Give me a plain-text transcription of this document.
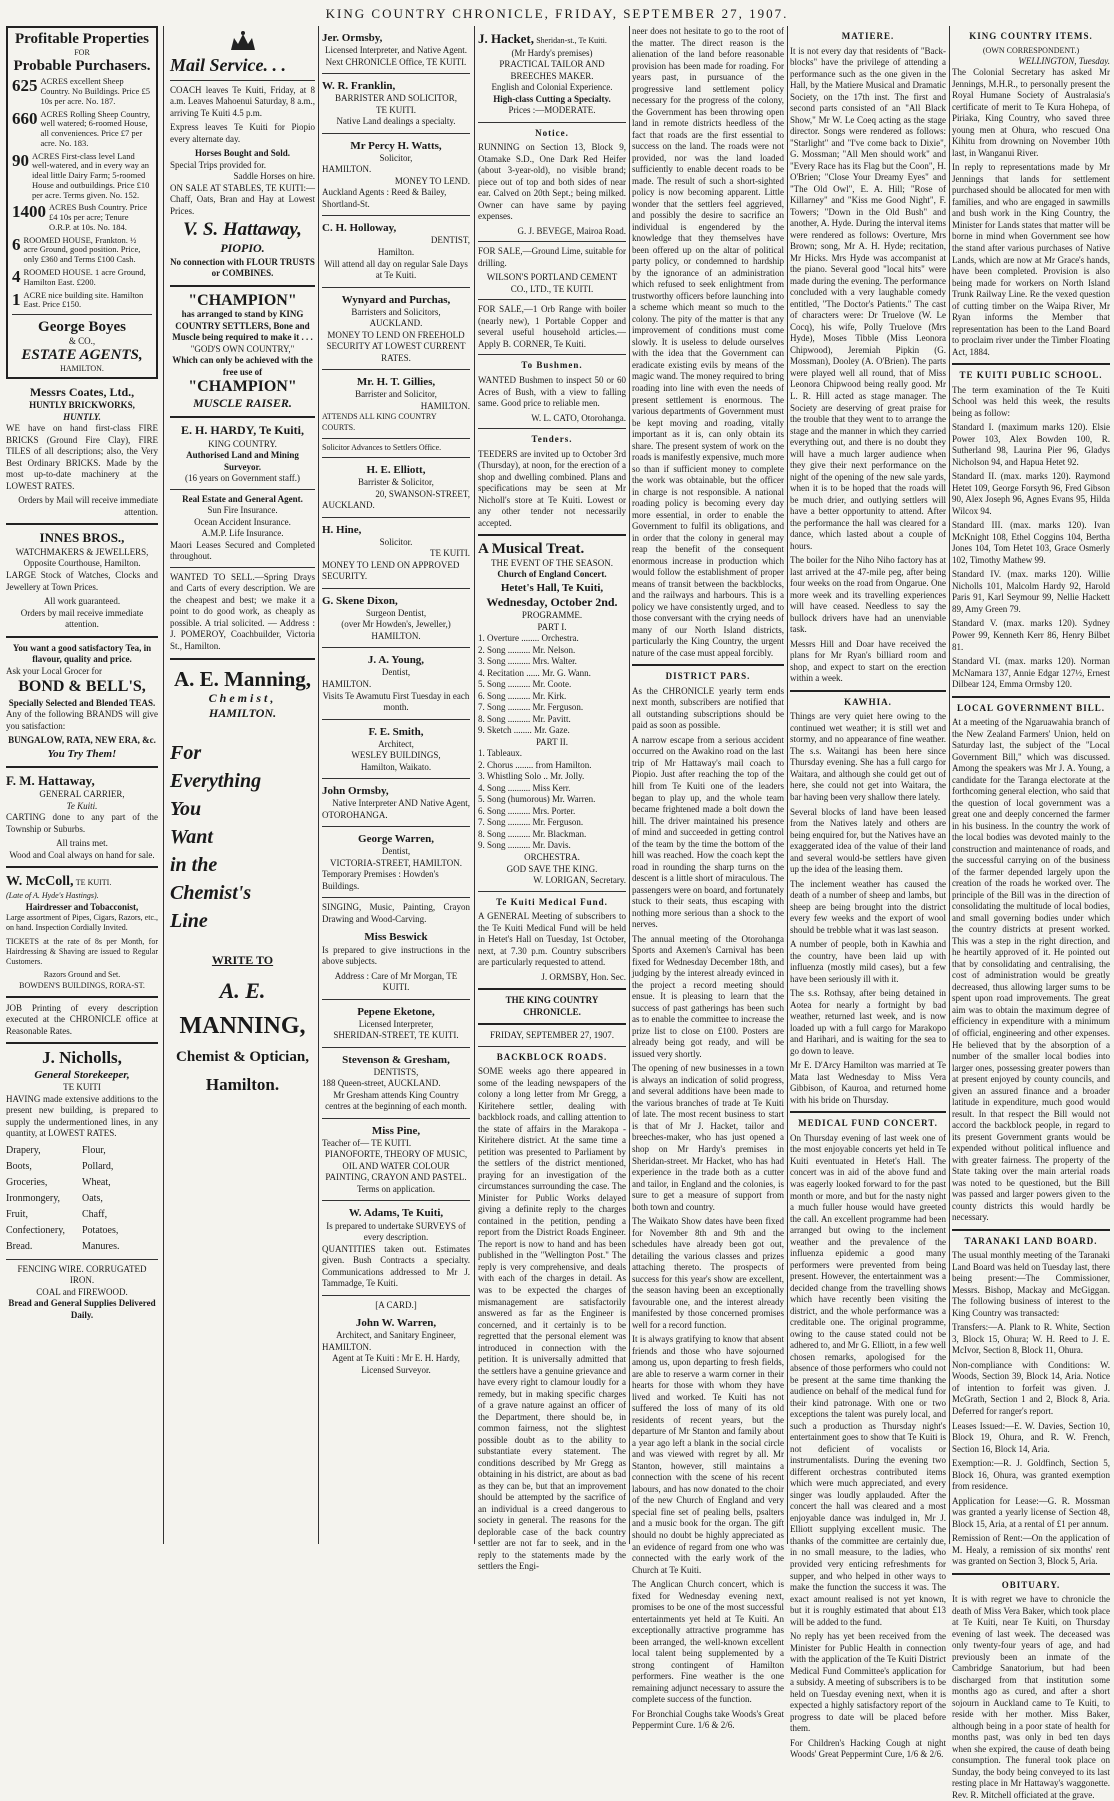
KING COUNTRY CHRONICLE, FRIDAY, SEPTEMBER 27, 1907.
Profitable Properties
FOR
Probable Purchasers.
625 ACRES excellent Sheep Country. No Buildings. Price £5 10s per acre. No. 187.
660 ACRES Rolling Sheep Country, well watered; 6-roomed House, all conveniences. Price £7 per acre. No. 183.
90 ACRES First-class level Land well-watered, and in every way an ideal little Dairy Farm; 5-roomed House and outbuildings. Price £10 per acre. Terms given. No. 152.
1400 ACRES Bush Country. Price £4 10s per acre; Tenure O.R.P. at 10s. No. 184.
6 ROOMED HOUSE, Frankton. ½ acre Ground, good position. Price, only £360 and Terms £100 Cash.
4 ROOMED HOUSE. 1 acre Ground, Hamilton East. £200.
1 ACRE nice building site. Hamilton East. Price £150.
George Boyes
& CO.,
ESTATE AGENTS,
HAMILTON.
Messrs Coates, Ltd.,
HUNTLY BRICKWORKS,
HUNTLY.

WE have on hand first-class FIRE BRICKS (Ground Fire Clay), FIRE TILES of all descriptions; also, the Very Best Ordinary BRICKS. Made by the most up-to-date machinery at the LOWEST RATES.

Orders by Mail will receive immediate attention.
INNES BROS.,
WATCHMAKERS & JEWELLERS,
Opposite Courthouse, Hamilton.

LARGE Stock of Watches, Clocks and Jewellery at Town Prices.

All work guaranteed.
Orders by mail receive immediate attention.
You want a good satisfactory Tea, in flavour, quality and price.
Ask your Local Grocer for
BOND & BELL'S,
Specially Selected and Blended TEAS.

Any of the following BRANDS will give you satisfaction:

BUNGALOW, RATA, NEW ERA, &c.
You Try Them!
F. M. Hattaway,
GENERAL CARRIER,
Te Kuiti.

CARTING done to any part of the Township or Suburbs.

All trains met.
Wood and Coal always on hand for sale.
W. McColl, TE KUITI.
(Late of A. Hyde's Hastings).
Hairdresser and Tobacconist,

Large assortment of Pipes, Cigars, Razors, etc., on hand. Inspection Cordially Invited.

TICKETS at the rate of 8s per Month, for Hairdressing & Shaving are issued to Regular Customers.

Razors Ground and Set.
BOWDEN'S BUILDINGS, RORA-ST.

JOB Printing of every description executed at the CHRONICLE office at Reasonable Rates.

J. Nicholls,
General Storekeeper,
TE KUITI

HAVING made extensive additions to the present new building, is prepared to supply the undermentioned lines, in any quantity, at LOWEST RATES.

Drapery,	Flour,
Boots,	Pollard,
Groceries,	Wheat,
Ironmongery,	Oats,
Fruit,	Chaff,
Confectionery,	Potatoes,
Bread.	Manures.
FENCING WIRE. CORRUGATED IRON.
COAL and FIREWOOD.
Bread and General Supplies Delivered Daily.
Mail Service. . .

COACH leaves Te Kuiti, Friday, at 8 a.m. Leaves Mahoenui Saturday, 8 a.m., arriving Te Kuiti 4.5 p.m.

Express leaves Te Kuiti for Piopio every alternate day.

Horses Bought and Sold.
Special Trips provided for.
Saddle Horses on hire.

ON SALE AT STABLES, TE KUITI:—Chaff, Oats, Bran and Hay at Lowest Prices.

V. S. Hattaway,
PIOPIO.
No connection with FLOUR TRUSTS or COMBINES.
"CHAMPION"
has arranged to stand by KING COUNTRY SETTLERS, Bone and Muscle being required to make it . . .
"GOD'S OWN COUNTRY,"
Which can only be achieved with the free use of
"CHAMPION"
MUSCLE RAISER.
E. H. HARDY, Te Kuiti,
KING COUNTRY.
Authorised Land and Mining Surveyor.
(16 years on Government staff.)
Real Estate and General Agent.
Sun Fire Insurance.
Ocean Accident Insurance.
A.M.P. Life Insurance.

Maori Leases Secured and Completed throughout.

WANTED TO SELL.—Spring Drays and Carts of every description. We are the cheapest and best; we make it a point to do good work, as cheaply as possible. A trial solicited. — Address : J. POMEROY, Coachbuilder, Victoria St., Hamilton.

A. E. Manning,
Chemist,
HAMILTON.
For
Everything
You
Want
in the
Chemist's
Line
WRITE TO
A. E.
MANNING,
Chemist & Optician,
Hamilton.
Jer. Ormsby,
Licensed Interpreter, and Native Agent.
Next CHRONICLE Office, TE KUITI.
W. R. Franklin,
BARRISTER AND SOLICITOR,
TE KUITI.
Native Land dealings a specialty.
Mr Percy H. Watts,
Solicitor,
HAMILTON.
MONEY TO LEND.
Auckland Agents : Reed & Bailey, Shortland-St.
C. H. Holloway,
DENTIST,
Hamilton.
Will attend all day on regular Sale Days at Te Kuiti.
Wynyard and Purchas,
Barristers and Solicitors,
AUCKLAND.
MONEY TO LEND ON FREEHOLD SECURITY AT LOWEST CURRENT RATES.
Mr. H. T. Gillies,
Barrister and Solicitor,
HAMILTON.
ATTENDS ALL KING COUNTRY COURTS.
Solicitor Advances to Settlers Office.
H. E. Elliott,
Barrister & Solicitor,
20, SWANSON-STREET,
AUCKLAND.
H. Hine,
Solicitor.
TE KUITI.
MONEY TO LEND ON APPROVED SECURITY.
G. Skene Dixon,
Surgeon Dentist,
(over Mr Howden's, Jeweller,)
HAMILTON.
J. A. Young,
Dentist,
HAMILTON.
Visits Te Awamutu First Tuesday in each month.
F. E. Smith,
Architect,
WESLEY BUILDINGS,
Hamilton, Waikato.
John Ormsby,
Native Interpreter AND Native Agent,
OTOROHANGA.
George Warren,
Dentist,
VICTORIA-STREET, HAMILTON.
Temporary Premises : Howden's Buildings.

SINGING, Music, Painting, Crayon Drawing and Wood-Carving.

Miss Beswick

Is prepared to give instructions in the above subjects.

Address : Care of Mr Morgan, TE KUITI.
Pepene Eketone,
Licensed Interpreter,
SHERIDAN-STREET, TE KUITI.
Stevenson & Gresham,
DENTISTS,
188 Queen-street, AUCKLAND.
Mr Gresham attends King Country centres at the beginning of each month.
Miss Pine,
Teacher of— TE KUITI.
PIANOFORTE, THEORY OF MUSIC, OIL AND WATER COLOUR PAINTING, CRAYON AND PASTEL.
Terms on application.
W. Adams, Te Kuiti,
Is prepared to undertake SURVEYS of every description.

QUANTITIES taken out. Estimates given. Bush Contracts a specialty. Communications addressed to Mr J. Tammadge, Te Kuiti.

[A CARD.]
John W. Warren,
Architect, and Sanitary Engineer,
HAMILTON.
Agent at Te Kuiti : Mr E. H. Hardy, Licensed Surveyor.
J. Hacket, Sheridan-st., Te Kuiti.
(Mr Hardy's premises)
PRACTICAL TAILOR AND BREECHES MAKER.
English and Colonial Experience.
High-class Cutting a Specialty.
Prices :—MODERATE.
Notice.

RUNNING on Section 13, Block 9, Otamake S.D., One Dark Red Heifer (about 3-year-old), no visible brand; piece out of top and both sides of near ear. Calved on 20th Sept.; being milked. Owner can have same by paying expenses.

G. J. BEVEGE, Mairoa Road.

FOR SALE,—Ground Lime, suitable for drilling.

WILSON'S PORTLAND CEMENT CO., LTD., TE KUITI.

FOR SALE,—1 Orb Range with boiler (nearly new), 1 Portable Copper and several useful household articles.—Apply B. CORNER, Te Kuiti.

To Bushmen.

WANTED Bushmen to inspect 50 or 60 Acres of Bush, with a view to falling same. Good price to reliable men.

W. L. CATO, Otorohanga.
Tenders.

TEEDERS are invited up to October 3rd (Thursday), at noon, for the erection of a shop and dwelling combined. Plans and specifications may be seen at Mr Nicholl's store at Te Kuiti. Lowest or any other tender not necessarily accepted.

A Musical Treat.
THE EVENT OF THE SEASON.
Church of England Concert.
Hetet's Hall, Te Kuiti,
Wednesday, October 2nd.
PROGRAMME.
PART I.
1. Overture ........ Orchestra.
2. Song .......... Mr. Nelson.
3. Song .......... Mrs. Walter.
4. Recitation ...... Mr. G. Wann.
5. Song .......... Mr. Coote.
6. Song .......... Mr. Kirk.
7. Song .......... Mr. Ferguson.
8. Song .......... Mr. Pavitt.
9. Sketch ........ Mr. Gaze.
PART II.
1. Tableaux.
2. Chorus ........ from Hamilton.
3. Whistling Solo .. Mr. Jolly.
4. Song .......... Miss Kerr.
5. Song (humorous) Mr. Warren.
6. Song .......... Mrs. Porter.
7. Song .......... Mr. Ferguson.
8. Song .......... Mr. Blackman.
9. Song .......... Mr. Davis.
ORCHESTRA.
GOD SAVE THE KING.
W. LORIGAN, Secretary.
Te Kuiti Medical Fund.

A GENERAL Meeting of subscribers to the Te Kuiti Medical Fund will be held in Hetet's Hall on Tuesday, 1st October, next, at 7.30 p.m. Country subscribers are particularly requested to attend.

J. ORMSBY, Hon. Sec.
THE KING COUNTRY CHRONICLE.
FRIDAY, SEPTEMBER 27, 1907.
BACKBLOCK ROADS.

SOME weeks ago there appeared in some of the leading newspapers of the colony a long letter from Mr Gregg, a Kiritehere settler, dealing with backblock roads, and calling attention to the state of affairs in the Marakopa - Kiritehere district. At the same time a petition was presented to Parliament by the settlers of the district mentioned, praying for an investigation of the circumstances surrounding the case. The Minister for Public Works delayed giving a definite reply to the charges contained in the petition, pending a report from the District Roads Engineer. The report is now to hand and has been published in the "Wellington Post." The reply is very comprehensive, and deals with each of the charges in detail. As was to be expected the charges of mismanagement are satisfactorily answered as far as the Engineer is concerned, and it certainly is to be regretted that the personal element was introduced in connection with the petition. It is universally admitted that the settlers have a genuine grievance and have every right to clamour loudly for a remedy, but in making specific charges of a grave nature against an officer of the Department, there should be, in common fairness, not the slightest possible doubt as to the ability to substantiate every statement. The conditions described by Mr Gregg as obtaining in his district, are about as bad as they can be, but that an improvement should be attempted by the sacrifice of an individual is a creed dangerous to society in general. The reasons for the deplorable case of the back country settler are not far to seek, and in the reply to the statements made by the settlers the Engi-

neer does not hesitate to go to the root of the matter. The direct reason is the alienation of the land before reasonable provision has been made for roading. For years past, in pursuance of the progressive land settlement policy necessary for the progress of the colony, the Government has been throwing open land in remote districts heedless of the fact that roads are the first essential to success on the land. The roads were not provided, nor was the land loaded sufficiently to enable decent roads to be made. The result of such a short-sighted policy is now becoming apparent. Little wonder that the settlers feel aggrieved, and possibly the desire to sacrifice an individual is engendered by the knowledge that they themselves have been offered up on the altar of political party policy, or condemned to hardship by the ignorance of an administration which refused to seek enlightment from trustworthy officers before launching into a scheme which meant so much to the colony. The pity of the matter is that any improvement of conditions must come slowly. It is useless to delude ourselves with the idea that the Government can eradicate existing evils by means of the magic wand. The money required to bring roading into line with even the needs of present settlement is enormous. The various departments of Government must be kept moving and roading, vitally important as it is, can only obtain its share. The present system of work on the roads is manifestly expensive, much more so than if sufficient money to complete the work was obtainable, but the officer in charge is not responsible. A national roading policy is becoming every day more essential, in order to enable the Government to fulfil its obligations, and in order that the colony in general may reap the benefit of the consequent enormous increase in production which would follow the establishment of proper means of transit between the backblocks, and the railways and harbours. This is a policy we have consistently urged, and to those conversant with the crying needs of many of our North Island districts, particularly the King Country, the urgent nature of the case must appeal forcibly.

DISTRICT PARS.

As the CHRONICLE yearly term ends next month, subscribers are notified that all outstanding subscriptions should be paid as soon as possible.

A narrow escape from a serious accident occurred on the Awakino road on the last trip of Mr Hattaway's mail coach to Piopio. Just after reaching the top of the hill from Te Kuiti one of the leaders began to play up, and the whole team became frightened made a bolt down the hill. The driver maintained his presence of mind and succeeded in getting control of the team by the time the bottom of the hill was reached. How the coach kept the road in rounding the sharp turns on the descent is a little short of miraculous. The passengers were on board, and fortunately stuck to their seats, thus escaping with nothing more serious than a shock to the nerves.

The annual meeting of the Otorohanga Sports and Axemen's Carnival has been fixed for Wednesday December 18th, and judging by the interest already evinced in the project a record meeting should ensue. It is pleasing to learn that the success of past gatherings has been such as to enable the committee to increase the prize list to close on £100. Posters are already being got ready, and will be issued very shortly.

The opening of new businesses in a town is always an indication of solid progress, and several additions have been made to the various branches of trade at Te Kuiti of late. The most recent business to start is that of Mr J. Hacket, tailor and breeches-maker, who has just opened a shop on Mr Hardy's premises in Sheridan-street. Mr Hacket, who has had experience in the trade both as a cutter and tailor, in England and the colonies, is sure to get a measure of support from both town and country.

The Waikato Show dates have been fixed for November 8th and 9th and the schedules have already been got out, detailing the various classes and prizes attaching thereto. The prospects of success for this year's show are excellent, the season having been an exceptionally favourable one, and the interest already manifested by those concerned promises well for a record function.

It is always gratifying to know that absent friends and those who have sojourned among us, upon departing to fresh fields, are able to reserve a warm corner in their hearts for those with whom they have lived and worked. Te Kuiti has not suffered the loss of many of its old residents of recent years, but the departure of Mr Stanton and family about a year ago left a blank in the social circle and was viewed with regret by all. Mr Stanton, however, still maintains a connection with the scene of his recent labours, and has now donated to the choir of the new Church of England and very special fine set of pealing bells, psalters and a music book for the organ. The gift should no doubt be highly appreciated as an evidence of regard from one who was connected with the early work of the Church at Te Kuiti.

The Anglican Church concert, which is fixed for Wednesday evening next, promises to be one of the most successful entertainments yet held at Te Kuiti. An exceptionally attractive programme has been arranged, the well-known excellent local talent being supplemented by a strong contingent of Hamilton performers. Fine weather is the one remaining adjunct necessary to assure the complete success of the function.

For Bronchial Coughs take Woods's Great Peppermint Cure. 1/6 & 2/6.

MATIERE.

It is not every day that residents of "Back-blocks" have the privilege of attending a performance such as the one given in the Hall, by the Matiere Musical and Dramatic Society, on the 17th inst. The first and second parts consisted of an "All Black Show," Mr W. Le Coeq acting as the stage director. Songs were rendered as follows: "Starlight" and "I've come back to Dixie", G. Mossman; "All Men should work" and "Every Race has its Flag but the Coon", H. O'Brien; "Close Your Dreamy Eyes" and "The Old Owl", E. A. Hill; "Rose of Killarney" and "Kiss me Good Night", F. Towers; "Down in the Old Bush" and another, A. Hyde. During the interval items were rendered as follows: Overture, Mrs Brown; song, Mr A. H. Hyde; recitation, Mr Hicks. Mrs Hyde was accompanist at the piano. Several good "local hits" were made during the evening. The performance concluded with a very laughable comedy entitled, "The Doctor's Patients." The cast of characters were: Dr Truelove (W. Le Cocq), his wife, Polly Truelove (Mrs Hyde), Moses Tibble (Miss Leonora Chipwood), Jeremiah Pipkin (G. Mossman), Dooley (A. O'Brien). The parts were played well all round, that of Miss Leonora Chipwood being really good. Mr L. R. Hill acted as stage manager. The Society are deserving of great praise for the trouble that they went to to arrange the stage and the manner in which they carried everything out, and there is no doubt they will have a much larger audience when they give their next performance on the night of the opening of the new sale yards, when it is to be hoped that the roads will be much drier, and outlying settlers will have a better opportunity to attend. After the performance the hall was cleared for a dance, which lasted about a couple of hours.

The boiler for the Niho Niho factory has at last arrived at the 47-mile peg, after being four weeks on the road from Ongarue. One more week and its travelling experiences will have ceased. Needless to say the bullock drivers have had an unenviable task.

Messrs Hill and Doar have received the plans for Mr Ryan's billiard room and shop, and expect to start on the erection within a week.

KAWHIA.

Things are very quiet here owing to the continued wet weather; it is still wet and stormy, and no appearance of fine weather. The s.s. Waitangi has been here since Thursday evening. She has a full cargo for Waitara, and although she could get out of here, she could not get into Waitara, the bar having been very shallow there lately.

Several blocks of land have been leased from the Natives lately and others are being enquired for, but the Natives have an exaggerated idea of the value of their land and several would-be settlers have given up the idea of the leasing them.

The inclement weather has caused the death of a number of sheep and lambs, but sheep are being brought into the district every few weeks and the export of wool should be trebble what it was last season.

A number of people, both in Kawhia and the country, have been laid up with influenza (mostly mild cases), but a few have been seriously ill with it.

The s.s. Rothsay, after being detained in Aotea for nearly a fortnight by bad weather, returned last week, and is now loaded up with a full cargo for Marakopo and Harihari, and is waiting for the sea to go down to leave.

Mr E. D'Arcy Hamilton was married at Te Mata last Wednesday to Miss Vera Gibbison, of Kauroa, and returned home with his bride on Thursday.

MEDICAL FUND CONCERT.

On Thursday evening of last week one of the most enjoyable concerts yet held in Te Kuiti eventuated in Hetet's Hall. The concert was in aid of the above fund and was eagerly looked forward to for the past month or more, and but for the nasty night a much fuller house would have greeted the call. An excellent programme had been arranged but owing to the inclement weather and the prevalence of the influenza epidemic a good many performers were prevented from being present. However, the entertainment was a decided change from the travelling shows which have recently been visiting the district, and the whole performance was a creditable one. The original programme, owing to the cause stated could not be adhered to, and Mr G. Elliott, in a few well chosen remarks, apologised for the absence of those performers who could not be present at the same time thanking the audience on behalf of the medical fund for their kind patronage. With one or two exceptions the talent was purely local, and such a production as Thursday night's entertainment goes to show that Te Kuiti is not deficient of vocalists or instrumentalists. During the evening two different orchestras contributed items which were much appreciated, and every singer was loudly applauded. After the concert the hall was cleared and a most enjoyable dance was indulged in, Mr J. Elliott supplying excellent music. The thanks of the committee are certainly due, in no small measure, to the ladies, who provided very enticing refreshments for supper, and who helped in other ways to make the function the success it was. The exact amount realised is not yet known, but it is roughly estimated that about £13 will be added to the fund.

No reply has yet been received from the Minister for Public Health in connection with the application of the Te Kuiti District Medical Fund Committee's application for a subsidy. A meeting of subscribers is to be held on Tuesday evening next, when it is expected a highly satisfactory report of the progress to date will be placed before them.

For Children's Hacking Cough at night Woods' Great Peppermint Cure, 1/6 & 2/6.

KING COUNTRY ITEMS.
(OWN CORRESPONDENT.)
WELLINGTON, Tuesday.

The Colonial Secretary has asked Mr Jennings, M.H.R., to personally present the Royal Humane Society of Australasia's certificate of merit to Te Kura Hohepa, of Piriaka, King Country, who saved three young men at Ohura, who rescued Ona Kihitu from drowning on November 10th last, in Wanganui River.

In reply to representations made by Mr Jennings that lands for settlement purchased should be allocated for men with families, and who are engaged in sawmills and bush work in the King Country, the Minister for Lands states that matter will be borne in mind when Government see how the stand after various purchases of Native Lands, which are now at Mr Grace's hands, have been completed. Provision is also being made for workers on North Island Trunk Railway Line. Re the vexed question of cutting timber on the Waipa River, Mr Ryan informs the Member that representation has been to the Land Board to proclaim river under the Timber Floating Act, 1884.

TE KUITI PUBLIC SCHOOL.

The term examination of the Te Kuiti School was held this week, the results being as follow:

Standard I. (maximum marks 120). Elsie Power 103, Alex Bowden 100, R. Sutherland 98, Laurina Pier 96, Gladys Nicholson 94, and Hapua Hetet 92.

Standard II. (max. marks 120). Raymond Hetet 109, George Forsyth 96, Fred Gibson 90, Alex Joseph 96, Agnes Evans 95, Hilda Wilcox 94.

Standard III. (max. marks 120). Ivan McKnight 108, Ethel Coggins 104, Bertha Jones 104, Tom Hetet 103, Grace Osmerly 102, Timothy Mathew 99.

Standard IV. (max. marks 120). Willie Nicholls 101, Malcolm Hardy 92, Harold Paris 91, Karl Seymour 99, Nellie Hackett 89, Amy Green 79.

Standard V. (max. marks 120). Sydney Power 99, Kenneth Kerr 86, Henry Bilbet 81.

Standard VI. (max. marks 120). Norman McNamara 137, Annie Edgar 127½, Ernest Dilbear 124, Emma Ormsby 120.

LOCAL GOVERNMENT BILL.

At a meeting of the Ngaruawahia branch of the New Zealand Farmers' Union, held on Saturday last, the subject of the "Local Government Bill," which was discussed. Among the speakers was Mr J. A. Young, a candidate for the Taranga electorate at the forthcoming general election, who said that the question of local government was a great one and deeply concerned the farmer in his business. In the country the work of the local bodies was devoted mainly to the construction and maintenance of roads, and the successful carrying on of the business of the farmer depended largely upon the creation of the roads he worked over. The principle of the Bill was in the direction of consolidating the multitude of local bodies, and small governing bodies under which the country districts at present worked. This was a step in the right direction, and he heartily approved of it. He pointed out that by consolidating and centralising, the cost of administration would be greatly decreased, thus allowing larger sums to be spent upon road improvements. The great aim was to obtain the maximum degree of efficiency in expenditure with a minimum of official, engineering and other expenses. He believed that by the absorption of a number of the smaller local bodies into larger ones, possessing greater powers than at present enjoyed by county councils, and given an assured finance and a broader latitude in expenditure, much good would result. In that respect the Bill would not accord the backblock people, in regard to its present Government grants would be expended without political influence and with greater fairness. The property of the State taking over the main arterial roads was noted to be questioned, but the Bill was passed and larger powers given to the county districts this would hardly be necessary.

TARANAKI LAND BOARD.

The usual monthly meeting of the Taranaki Land Board was held on Tuesday last, there being present:—The Commissioner, Messrs. Bishop, Mackay and McGiggan. The following business of interest to the King Country was transacted:

Transfers:—A. Plank to R. White, Section 3, Block 15, Ohura; W. H. Reed to J. E. McIvor, Section 8, Block 11, Ohura.

Non-compliance with Conditions: W. Woods, Section 39, Block 14, Aria. Notice of intention to forfeit was given. J. McGrath, Section 1 and 2, Block 8, Aria. Deferred for ranger's report.

Leases Issued:—E. W. Davies, Section 10, Block 19, Ohura, and R. W. French, Section 16, Block 14, Aria.

Exemption:—R. J. Goldfinch, Section 5, Block 16, Ohura, was granted exemption from residence.

Application for Lease:—G. R. Mossman was granted a yearly license of Section 48, Block 15, Aria, at a rental of £1 per annum.

Remission of Rent:—On the application of M. Healy, a remission of six months' rent was granted on Section 3, Block 5, Aria.

OBITUARY.

It is with regret we have to chronicle the death of Miss Vera Baker, which took place at Te Kuiti, near Te Kuiti, on Thursday evening of last week. The deceased was only twenty-four years of age, and had previously been an inmate of the Cambridge Sanatorium, but had been discharged from that institution some months ago as cured, and after a short sojourn in Auckland came to Te Kuiti, to reside with her mother. Miss Baker, although being in a poor state of health for months past, was only in bed ten days when she expired, the cause of death being consumption. The funeral took place on Sunday, the body being conveyed to its last resting place in Mr Hattaway's waggonette. Rev. R. Mitchell officiated at the grave.
